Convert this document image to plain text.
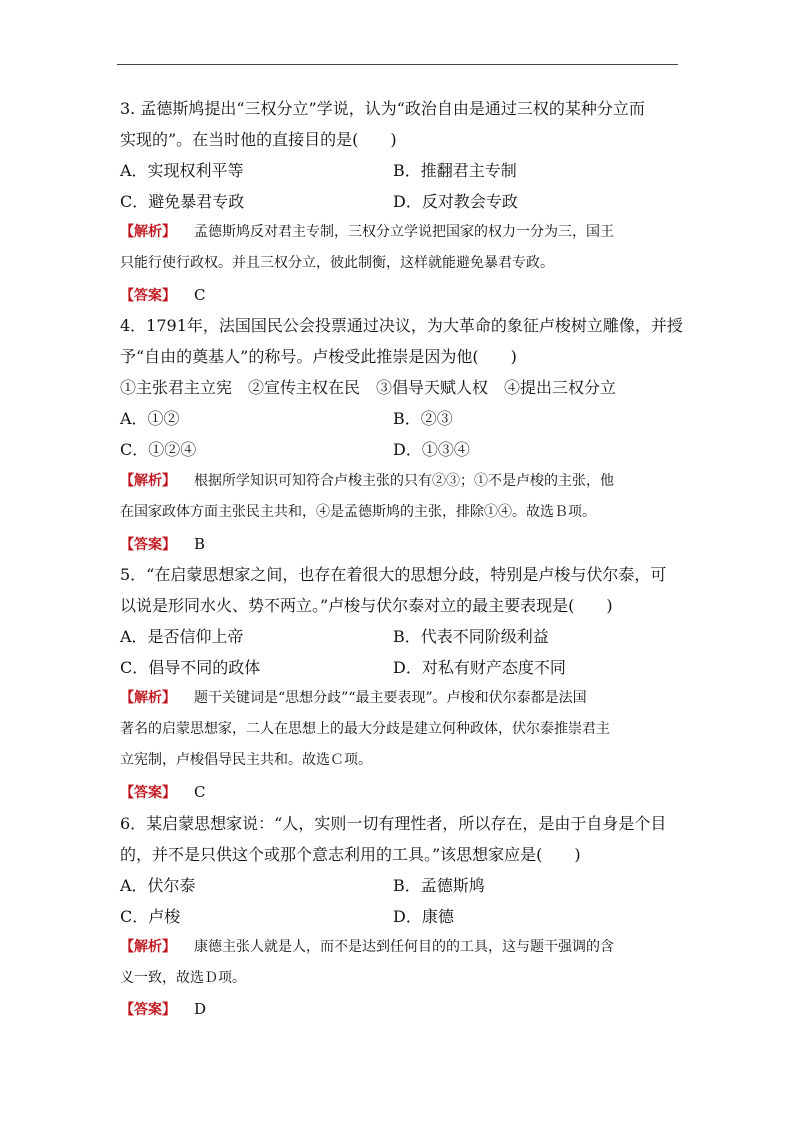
3. 孟德斯鸠提出“三权分立”学说，认为“政治自由是通过三权的某种分立而
实现的”。在当时他的直接目的是(　　)
A．实现权利平等	B．推翻君主专制
C．避免暴君专政	D．反对教会专政
【解析】 孟德斯鸠反对君主专制，三权分立学说把国家的权力一分为三，国王
只能行使行政权。并且三权分立，彼此制衡，这样就能避免暴君专政。
【答案】 C
4．1791年，法国国民公会投票通过决议，为大革命的象征卢梭树立雕像，并授
予“自由的奠基人”的称号。卢梭受此推崇是因为他(　　)
①主张君主立宪　②宣传主权在民　③倡导天赋人权　④提出三权分立
A．①②	B．②③
C．①②④	D．①③④
【解析】 根据所学知识可知符合卢梭主张的只有②③；①不是卢梭的主张，他
在国家政体方面主张民主共和，④是孟德斯鸠的主张，排除①④。故选Ｂ项。
【答案】 B
5．“在启蒙思想家之间，也存在着很大的思想分歧，特别是卢梭与伏尔泰，可
以说是形同水火、势不两立。”卢梭与伏尔泰对立的最主要表现是(　　)
A．是否信仰上帝	B．代表不同阶级利益
C．倡导不同的政体	D．对私有财产态度不同
【解析】 题干关键词是“思想分歧”“最主要表现”。卢梭和伏尔泰都是法国
著名的启蒙思想家，二人在思想上的最大分歧是建立何种政体，伏尔泰推崇君主
立宪制，卢梭倡导民主共和。故选Ｃ项。
【答案】 C
6．某启蒙思想家说：“人，实则一切有理性者，所以存在，是由于自身是个目
的，并不是只供这个或那个意志利用的工具。”该思想家应是(　　)
A．伏尔泰	B．孟德斯鸠
C．卢梭	D．康德
【解析】 康德主张人就是人，而不是达到任何目的的工具，这与题干强调的含
义一致，故选Ｄ项。
【答案】 D
